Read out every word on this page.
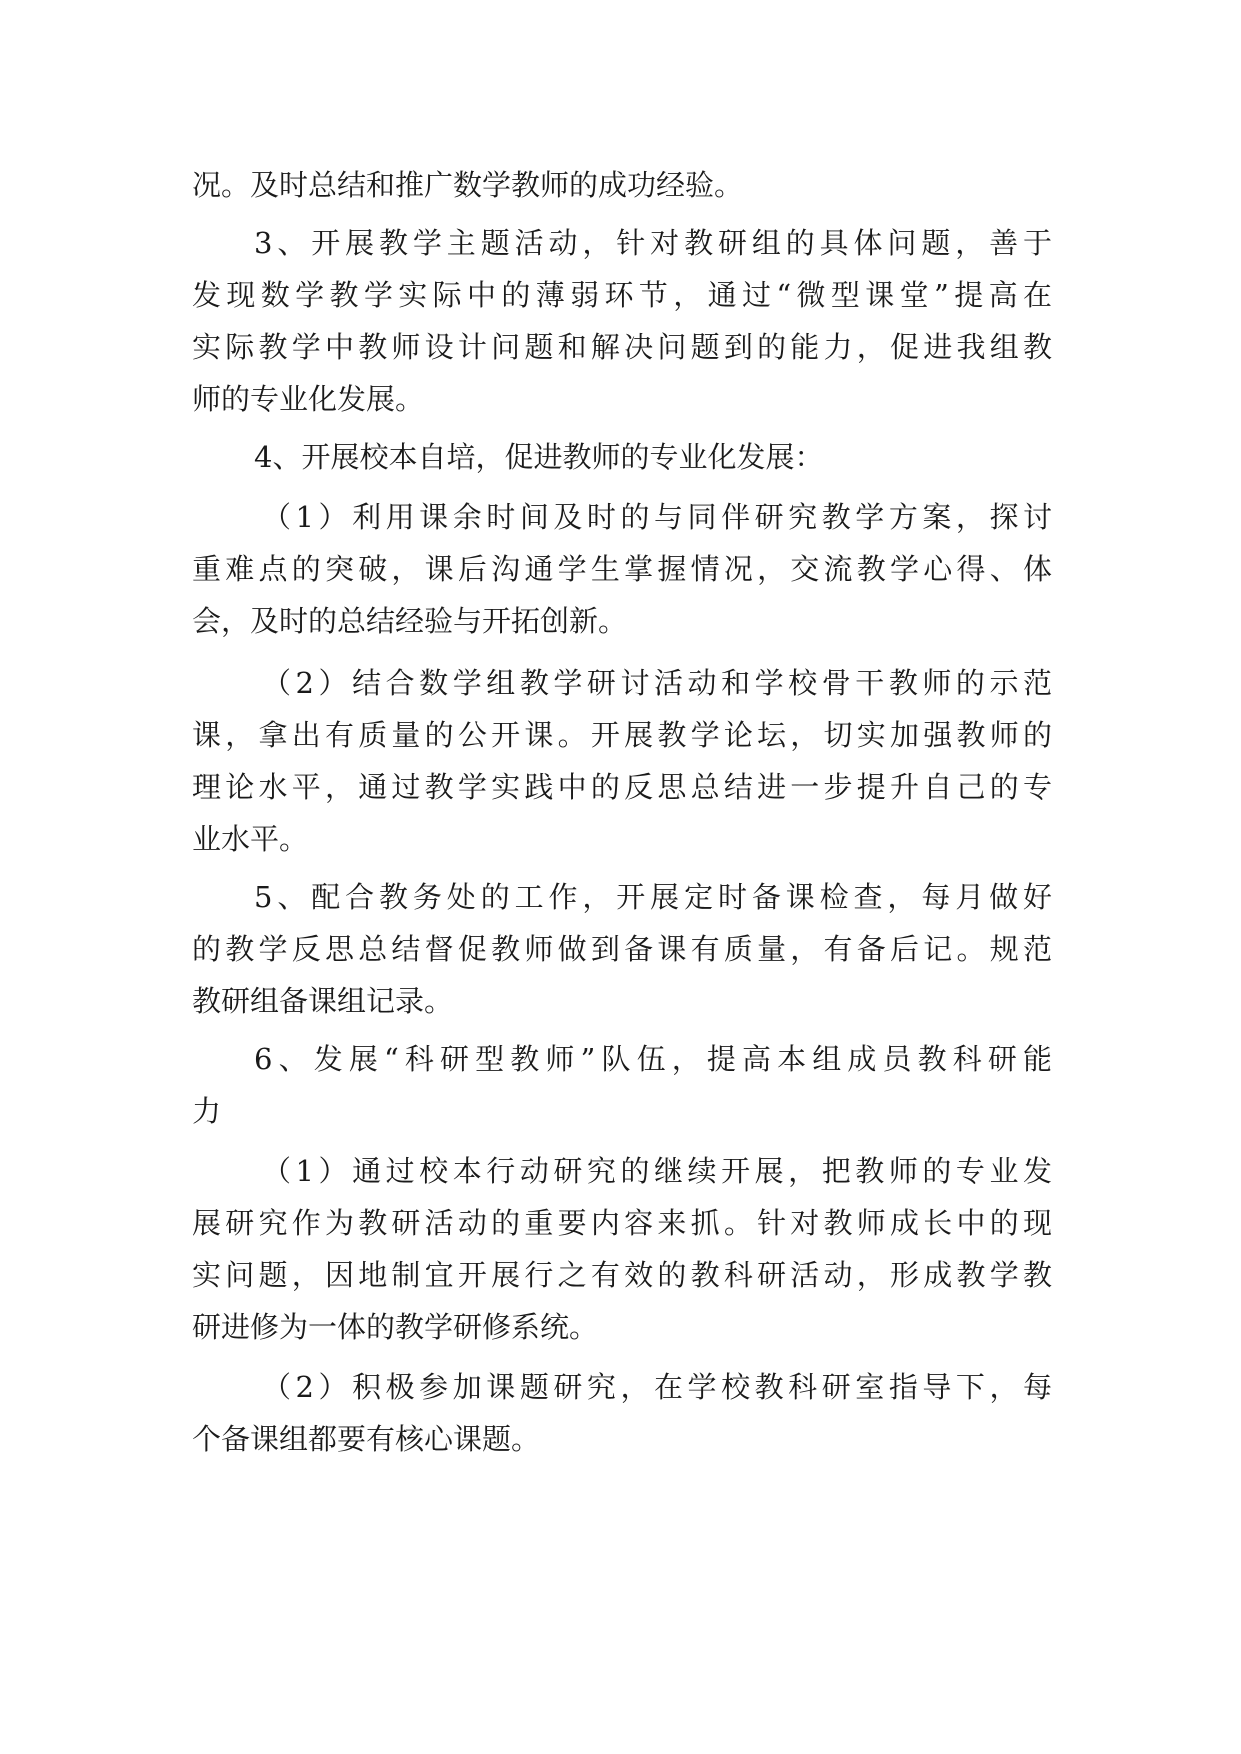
况。及时总结和推广数学教师的成功经验。
3、开展教学主题活动，针对教研组的具体问题，善于
发现数学教学实际中的薄弱环节，通过“微型课堂”提高在
实际教学中教师设计问题和解决问题到的能力，促进我组教
师的专业化发展。
4、开展校本自培，促进教师的专业化发展：
（1）利用课余时间及时的与同伴研究教学方案，探讨
重难点的突破，课后沟通学生掌握情况，交流教学心得、体
会，及时的总结经验与开拓创新。
（2）结合数学组教学研讨活动和学校骨干教师的示范
课，拿出有质量的公开课。开展教学论坛，切实加强教师的
理论水平，通过教学实践中的反思总结进一步提升自己的专
业水平。
5、配合教务处的工作，开展定时备课检查，每月做好
的教学反思总结督促教师做到备课有质量，有备后记。规范
教研组备课组记录。
6、发展“科研型教师”队伍，提高本组成员教科研能
力
（1）通过校本行动研究的继续开展，把教师的专业发
展研究作为教研活动的重要内容来抓。针对教师成长中的现
实问题，因地制宜开展行之有效的教科研活动，形成教学教
研进修为一体的教学研修系统。
（2）积极参加课题研究，在学校教科研室指导下，每
个备课组都要有核心课题。
